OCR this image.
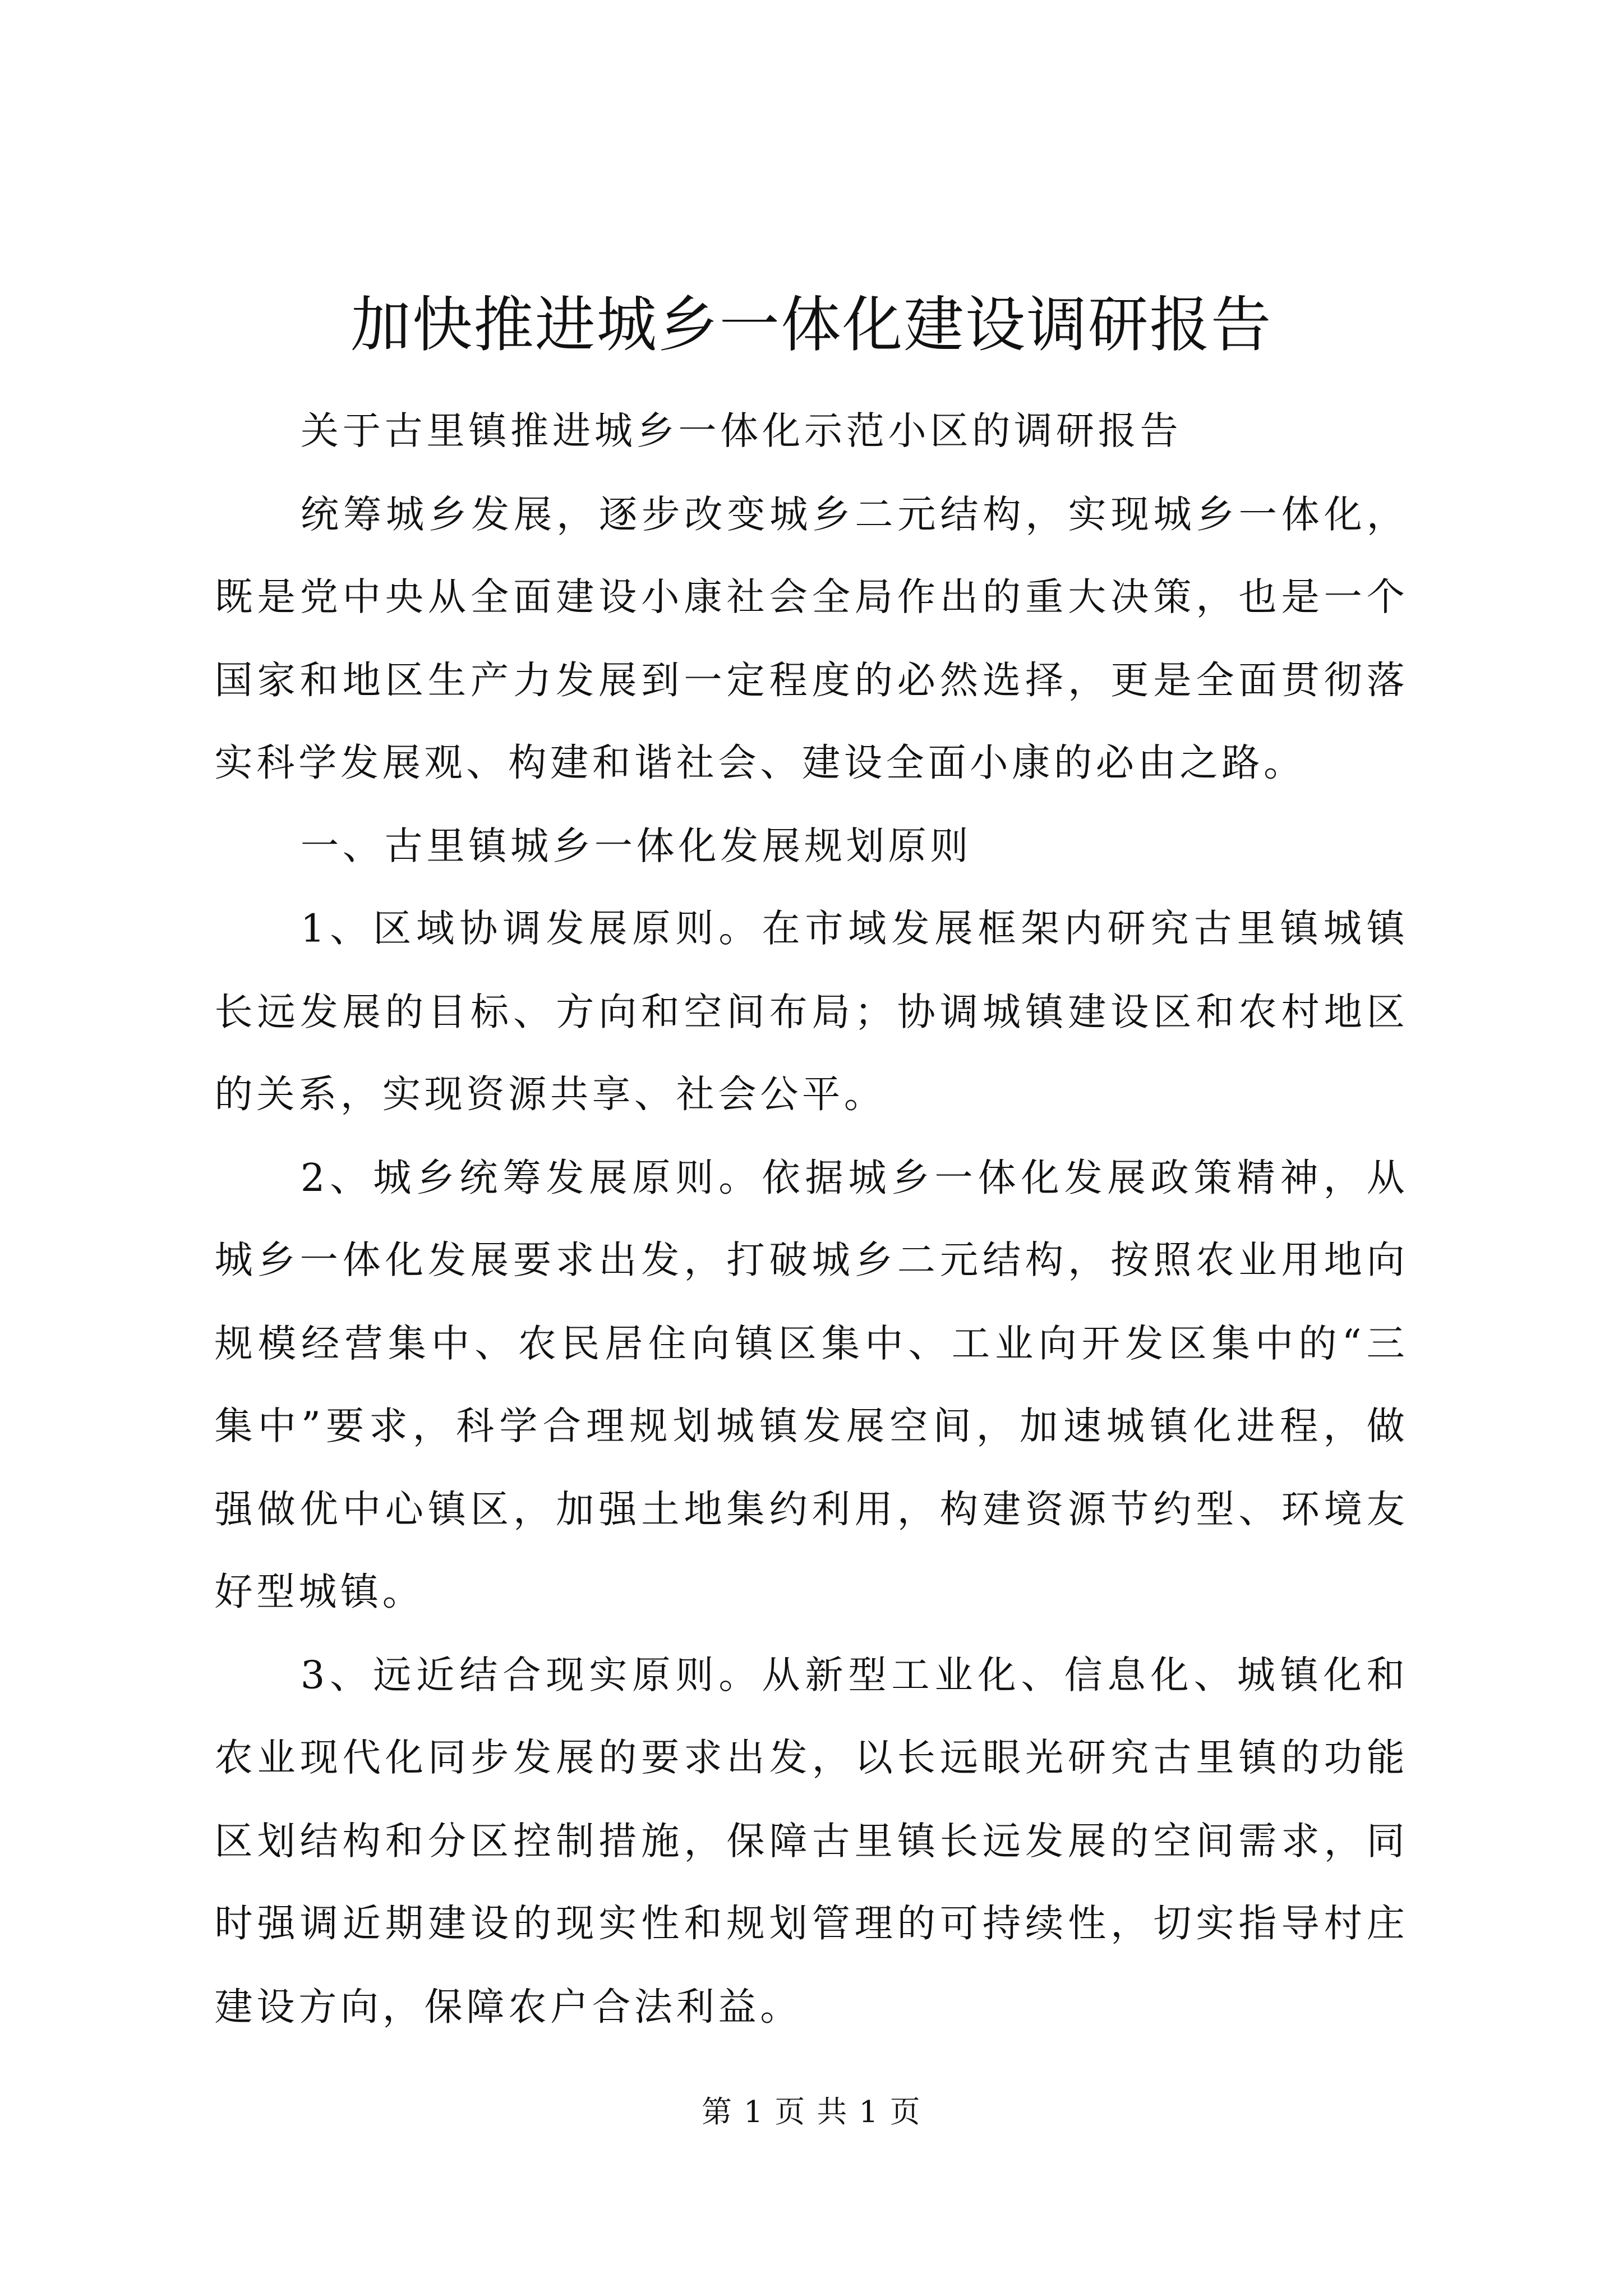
加快推进城乡一体化建设调研报告

关于古里镇推进城乡一体化示范小区的调研报告

统筹城乡发展，逐步改变城乡二元结构，实现城乡一体化，既是党中央从全面建设小康社会全局作出的重大决策，也是一个国家和地区生产力发展到一定程度的必然选择，更是全面贯彻落实科学发展观、构建和谐社会、建设全面小康的必由之路。

一、古里镇城乡一体化发展规划原则

1、区域协调发展原则。在市域发展框架内研究古里镇城镇长远发展的目标、方向和空间布局；协调城镇建设区和农村地区的关系，实现资源共享、社会公平。

2、城乡统筹发展原则。依据城乡一体化发展政策精神，从城乡一体化发展要求出发，打破城乡二元结构，按照农业用地向规模经营集中、农民居住向镇区集中、工业向开发区集中的“三集中”要求，科学合理规划城镇发展空间，加速城镇化进程，做强做优中心镇区，加强土地集约利用，构建资源节约型、环境友好型城镇。

3、远近结合现实原则。从新型工业化、信息化、城镇化和农业现代化同步发展的要求出发，以长远眼光研究古里镇的功能区划结构和分区控制措施，保障古里镇长远发展的空间需求，同时强调近期建设的现实性和规划管理的可持续性，切实指导村庄建设方向，保障农户合法利益。

第 1 页 共 1 页
